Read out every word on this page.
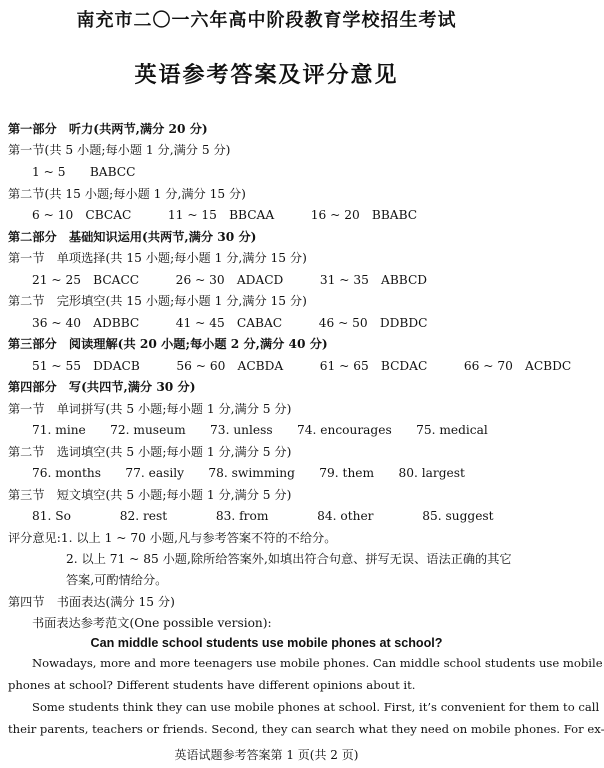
南充市二〇一六年高中阶段教育学校招生考试
英语参考答案及评分意见
第一部分　听力(共两节,满分 20 分)
第一节(共 5 小题;每小题 1 分,满分 5 分)
1 ~ 5　　BABCC
第二节(共 15 小题;每小题 1 分,满分 15 分)
6 ~ 10　CBCAC　　　11 ~ 15　BBCAA　　　16 ~ 20　BBABC
第二部分　基础知识运用(共两节,满分 30 分)
第一节　单项选择(共 15 小题;每小题 1 分,满分 15 分)
21 ~ 25　BCACC　　　26 ~ 30　ADACD　　　31 ~ 35　ABBCD
第二节　完形填空(共 15 小题;每小题 1 分,满分 15 分)
36 ~ 40　ADBBC　　　41 ~ 45　CABAC　　　46 ~ 50　DDBDC
第三部分　阅读理解(共 20 小题;每小题 2 分,满分 40 分)
51 ~ 55　DDACB　　　56 ~ 60　ACBDA　　　61 ~ 65　BCDAC　　　66 ~ 70　ACBDC
第四部分　写(共四节,满分 30 分)
第一节　单词拼写(共 5 小题;每小题 1 分,满分 5 分)
71. mine　　72. museum　　73. unless　　74. encourages　　75. medical
第二节　选词填空(共 5 小题;每小题 1 分,满分 5 分)
76. months　　77. easily　　78. swimming　　79. them　　80. largest
第三节　短文填空(共 5 小题;每小题 1 分,满分 5 分)
81. So　　　　82. rest　　　　83. from　　　　84. other　　　　85. suggest
评分意见:1. 以上 1 ~ 70 小题,凡与参考答案不符的不给分。
2. 以上 71 ~ 85 小题,除所给答案外,如填出符合句意、拼写无误、语法正确的其它
答案,可酌情给分。
第四节　书面表达(满分 15 分)
书面表达参考范文(One possible version):
Can middle school students use mobile phones at school?
Nowadays, more and more teenagers use mobile phones. Can middle school students use mobile
phones at school? Different students have different opinions about it.
Some students think they can use mobile phones at school. First, it’s convenient for them to call
their parents, teachers or friends. Second, they can search what they need on mobile phones. For ex-
英语试题参考答案第 1 页(共 2 页)
